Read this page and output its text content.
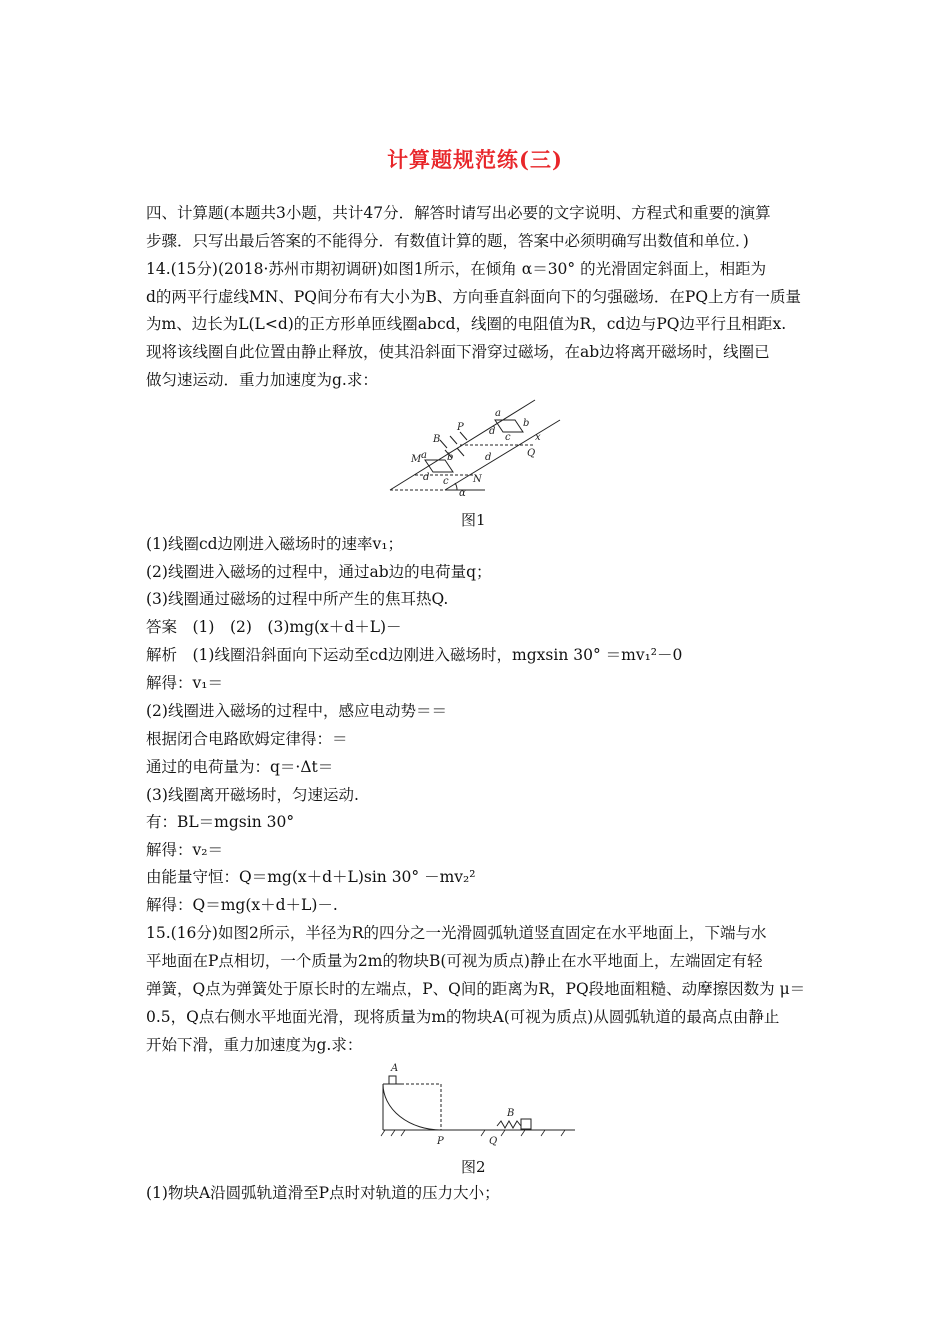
计算题规范练(三)
四、计算题(本题共3小题，共计47分．解答时请写出必要的文字说明、方程式和重要的演算
步骤．只写出最后答案的不能得分．有数值计算的题，答案中必须明确写出数值和单位．)
14.(15分)(2018·苏州市期初调研)如图1所示，在倾角 α＝30° 的光滑固定斜面上，相距为
d的两平行虚线MN、PQ间分布有大小为B、方向垂直斜面向下的匀强磁场．在PQ上方有一质量
为m、边长为L(L<d)的正方形单匝线圈abcd，线圈的电阻值为R，cd边与PQ边平行且相距x.
现将该线圈自此位置由静止释放，使其沿斜面下滑穿过磁场，在ab边将离开磁场时，线圈已
做匀速运动．重力加速度为g.求：
a
b
d
c x
Q
P
B
d
M a b
N
d c
α
图1
(1)线圈cd边刚进入磁场时的速率v₁；
(2)线圈进入磁场的过程中，通过ab边的电荷量q；
(3)线圈通过磁场的过程中所产生的焦耳热Q.
答案　(1)　(2)　(3)mg(x＋d＋L)－
解析　(1)线圈沿斜面向下运动至cd边刚进入磁场时，mgxsin 30° ＝mv₁²－0
解得：v₁＝
(2)线圈进入磁场的过程中，感应电动势＝＝
根据闭合电路欧姆定律得：＝
通过的电荷量为：q＝·Δt＝
(3)线圈离开磁场时，匀速运动.
有：BL＝mgsin 30°
解得：v₂＝
由能量守恒：Q＝mg(x＋d＋L)sin 30° －mv₂²
解得：Q＝mg(x＋d＋L)－.
15.(16分)如图2所示，半径为R的四分之一光滑圆弧轨道竖直固定在水平地面上，下端与水
平地面在P点相切，一个质量为2m的物块B(可视为质点)静止在水平地面上，左端固定有轻
弹簧，Q点为弹簧处于原长时的左端点，P、Q间的距离为R，PQ段地面粗糙、动摩擦因数为 μ＝
0.5，Q点右侧水平地面光滑，现将质量为m的物块A(可视为质点)从圆弧轨道的最高点由静止
开始下滑，重力加速度为g.求：
A
B
P	Q
图2
(1)物块A沿圆弧轨道滑至P点时对轨道的压力大小；
